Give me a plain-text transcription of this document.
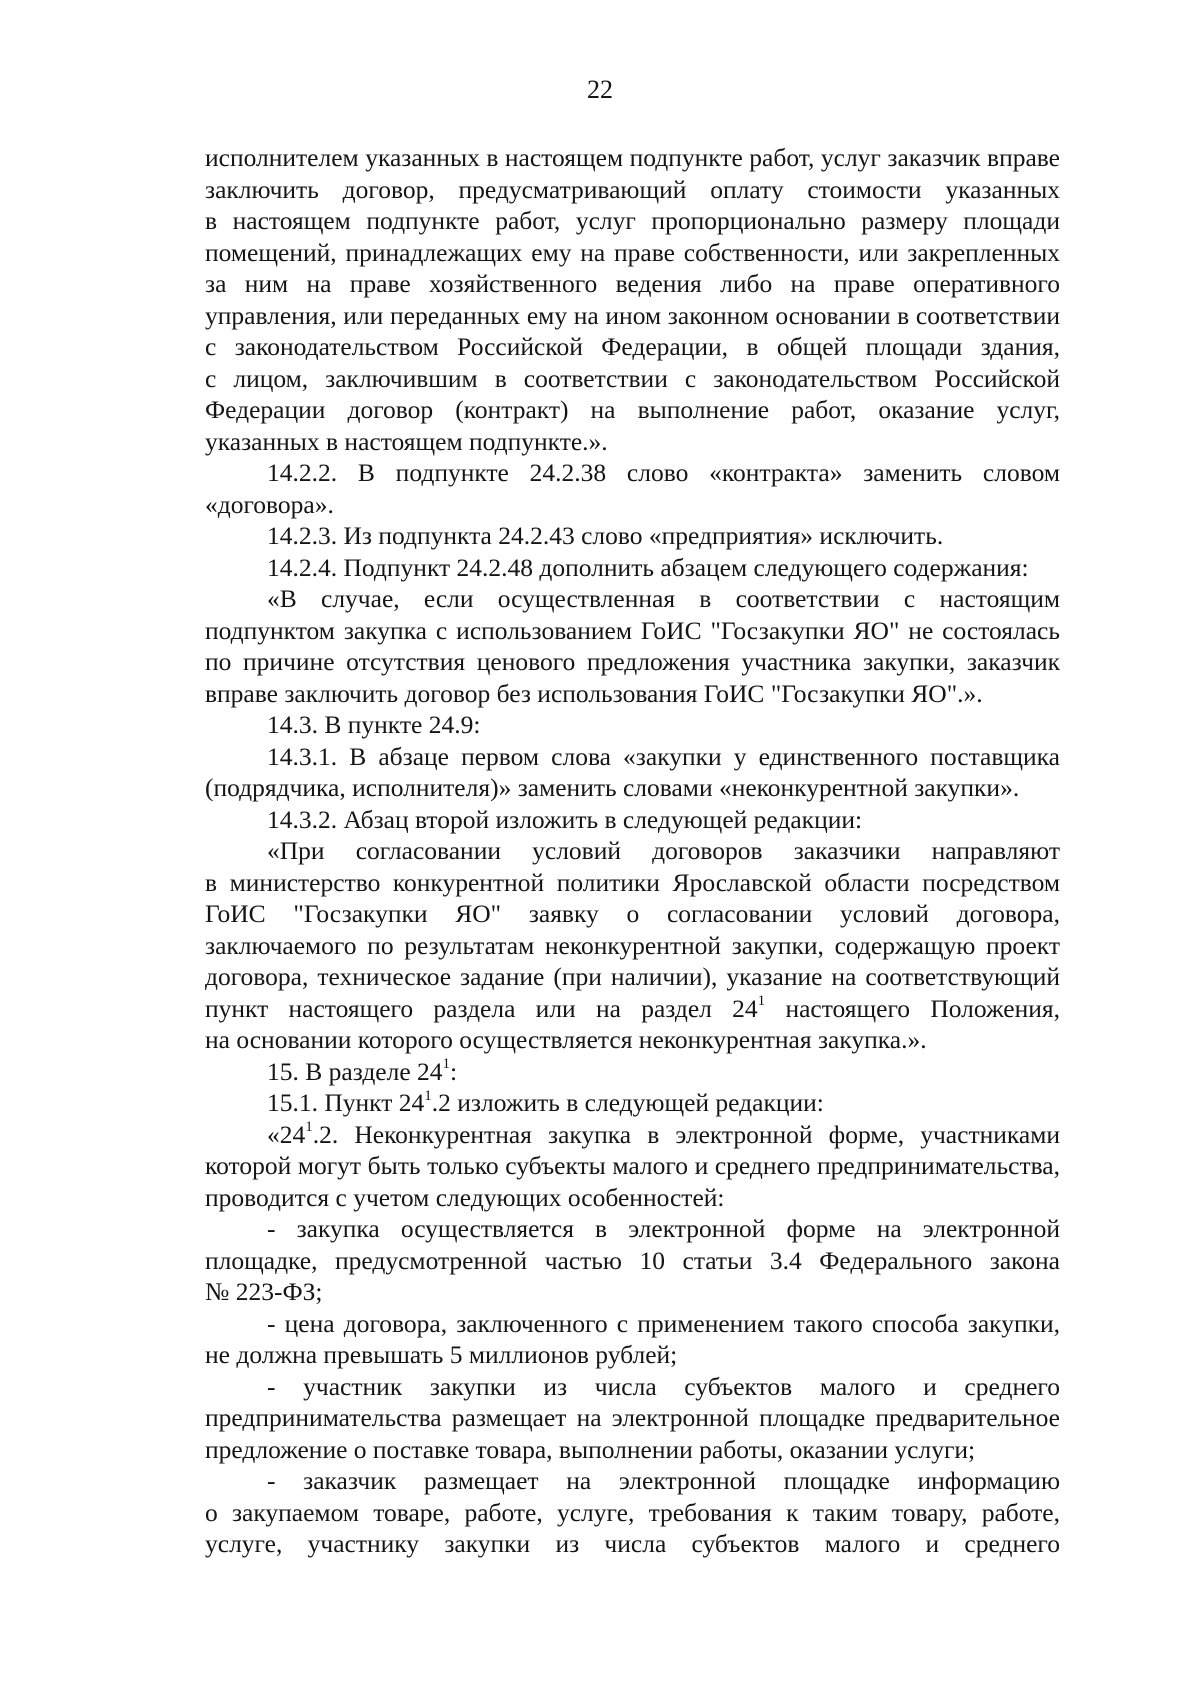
22
исполнителем указанных в настоящем подпункте работ, услуг заказчик вправе
заключить договор, предусматривающий оплату стоимости указанных
в настоящем подпункте работ, услуг пропорционально размеру площади
помещений, принадлежащих ему на праве собственности, или закрепленных
за ним на праве хозяйственного ведения либо на праве оперативного
управления, или переданных ему на ином законном основании в соответствии
с законодательством Российской Федерации, в общей площади здания,
с лицом, заключившим в соответствии с законодательством Российской
Федерации договор (контракт) на выполнение работ, оказание услуг,
указанных в настоящем подпункте.».
14.2.2. В подпункте 24.2.38 слово «контракта» заменить словом
«договора».
14.2.3. Из подпункта 24.2.43 слово «предприятия» исключить.
14.2.4. Подпункт 24.2.48 дополнить абзацем следующего содержания:
«В случае, если осуществленная в соответствии с настоящим
подпунктом закупка с использованием ГоИС "Госзакупки ЯО" не состоялась
по причине отсутствия ценового предложения участника закупки, заказчик
вправе заключить договор без использования ГоИС "Госзакупки ЯО".».
14.3. В пункте 24.9:
14.3.1. В абзаце первом слова «закупки у единственного поставщика
(подрядчика, исполнителя)» заменить словами «неконкурентной закупки».
14.3.2. Абзац второй изложить в следующей редакции:
«При согласовании условий договоров заказчики направляют
в министерство конкурентной политики Ярославской области посредством
ГоИС "Госзакупки ЯО" заявку о согласовании условий договора,
заключаемого по результатам неконкурентной закупки, содержащую проект
договора, техническое задание (при наличии), указание на соответствующий
пункт настоящего раздела или на раздел $24^1$ настоящего Положения,
на основании которого осуществляется неконкурентная закупка.».
15. В разделе $24^1$:
15.1. Пункт $24^1.2$ изложить в следующей редакции:
«$24^1.2$. Неконкурентная закупка в электронной форме, участниками
которой могут быть только субъекты малого и среднего предпринимательства,
проводится с учетом следующих особенностей:
- закупка осуществляется в электронной форме на электронной
площадке, предусмотренной частью 10 статьи 3.4 Федерального закона
№ 223-ФЗ;
- цена договора, заключенного с применением такого способа закупки,
не должна превышать 5 миллионов рублей;
- участник закупки из числа субъектов малого и среднего
предпринимательства размещает на электронной площадке предварительное
предложение о поставке товара, выполнении работы, оказании услуги;
- заказчик размещает на электронной площадке информацию
о закупаемом товаре, работе, услуге, требования к таким товару, работе,
услуге, участнику закупки из числа субъектов малого и среднего
